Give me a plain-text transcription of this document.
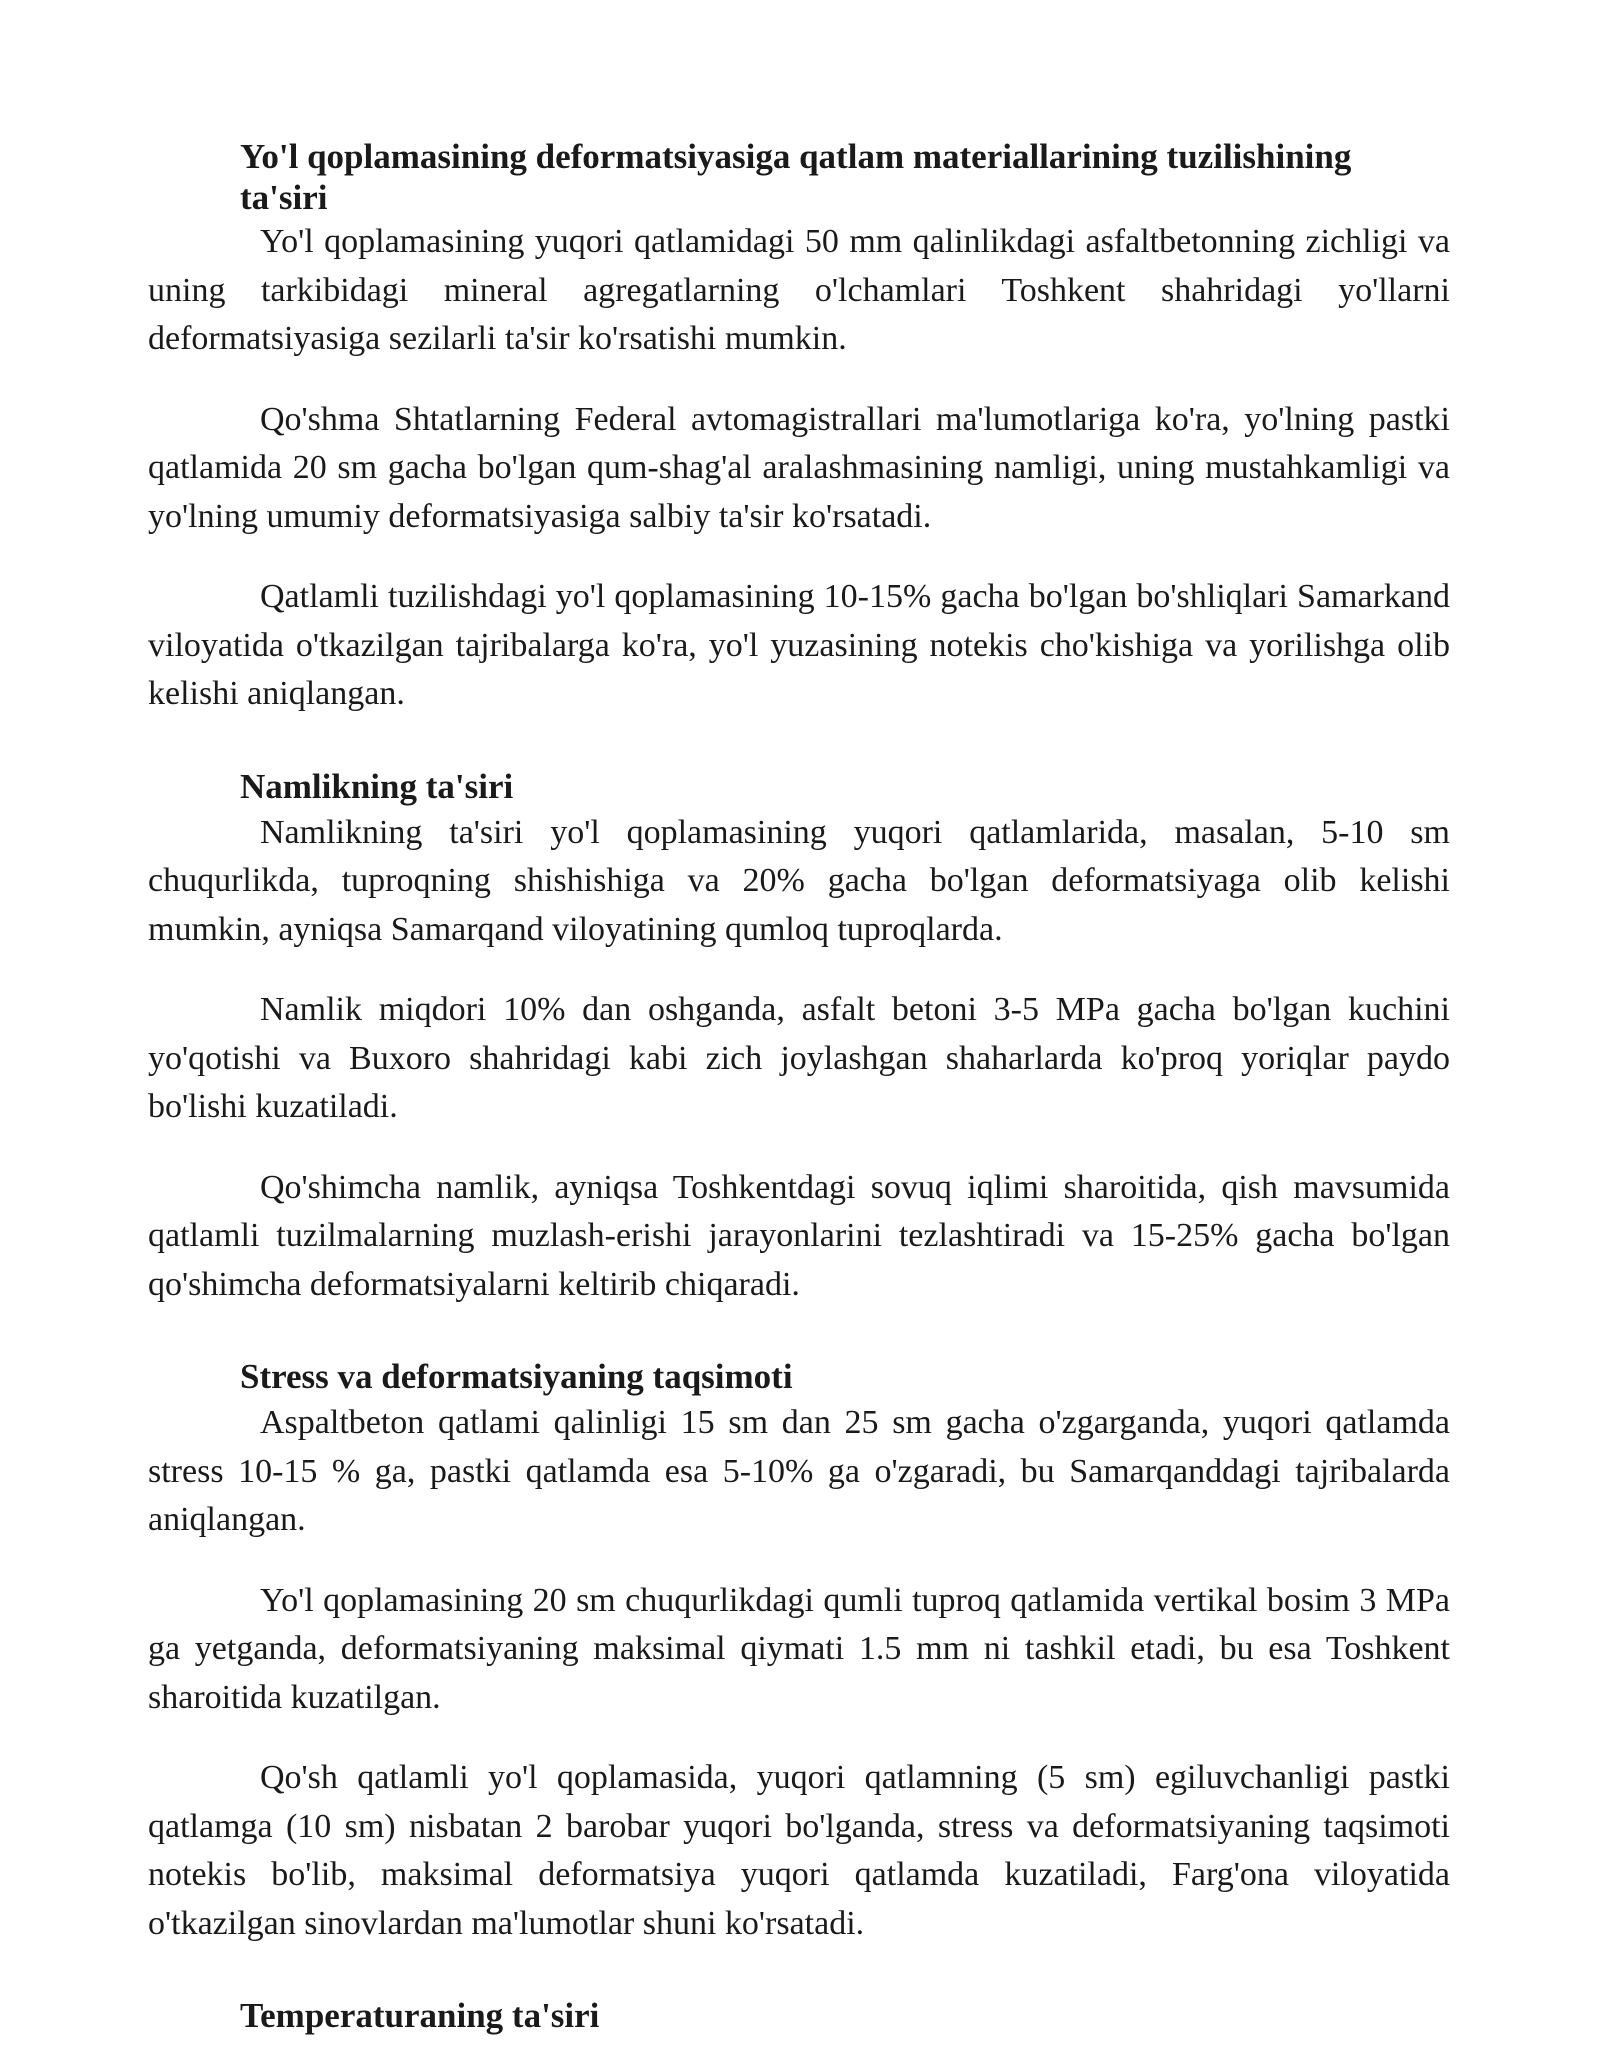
Yo'l qoplamasining deformatsiyasiga qatlam materiallarining tuzilishining ta'siri

Yo'l qoplamasining yuqori qatlamidagi 50 mm qalinlikdagi asfaltbetonning zichligi va uning tarkibidagi mineral agregatlarning o'lchamlari Toshkent shahridagi yo'llarni deformatsiyasiga sezilarli ta'sir ko'rsatishi mumkin.

Qo'shma Shtatlarning Federal avtomagistrallari ma'lumotlariga ko'ra, yo'lning pastki qatlamida 20 sm gacha bo'lgan qum-shag'al aralashmasining namligi, uning mustahkamligi va yo'lning umumiy deformatsiyasiga salbiy ta'sir ko'rsatadi.

Qatlamli tuzilishdagi yo'l qoplamasining 10-15% gacha bo'lgan bo'shliqlari Samarkand viloyatida o'tkazilgan tajribalarga ko'ra, yo'l yuzasining notekis cho'kishiga va yorilishga olib kelishi aniqlangan.

Namlikning ta'siri

Namlikning ta'siri yo'l qoplamasining yuqori qatlamlarida, masalan, 5-10 sm chuqurlikda, tuproqning shishishiga va 20% gacha bo'lgan deformatsiyaga olib kelishi mumkin, ayniqsa Samarqand viloyatining qumloq tuproqlarda.

Namlik miqdori 10% dan oshganda, asfalt betoni 3-5 MPa gacha bo'lgan kuchini yo'qotishi va Buxoro shahridagi kabi zich joylashgan shaharlarda ko'proq yoriqlar paydo bo'lishi kuzatiladi.

Qo'shimcha namlik, ayniqsa Toshkentdagi sovuq iqlimi sharoitida, qish mavsumida qatlamli tuzilmalarning muzlash-erishi jarayonlarini tezlashtiradi va 15-25% gacha bo'lgan qo'shimcha deformatsiyalarni keltirib chiqaradi.

Stress va deformatsiyaning taqsimoti

Aspaltbeton qatlami qalinligi 15 sm dan 25 sm gacha o'zgarganda, yuqori qatlamda stress 10-15 % ga, pastki qatlamda esa 5-10% ga o'zgaradi, bu Samarqanddagi tajribalarda aniqlangan.

Yo'l qoplamasining 20 sm chuqurlikdagi qumli tuproq qatlamida vertikal bosim 3 MPa ga yetganda, deformatsiyaning maksimal qiymati 1.5 mm ni tashkil etadi, bu esa Toshkent sharoitida kuzatilgan.

Qo'sh qatlamli yo'l qoplamasida, yuqori qatlamning (5 sm) egiluvchanligi pastki qatlamga (10 sm) nisbatan 2 barobar yuqori bo'lganda, stress va deformatsiyaning taqsimoti notekis bo'lib, maksimal deformatsiya yuqori qatlamda kuzatiladi, Farg'ona viloyatida o'tkazilgan sinovlardan ma'lumotlar shuni ko'rsatadi.

Temperaturaning ta'siri
